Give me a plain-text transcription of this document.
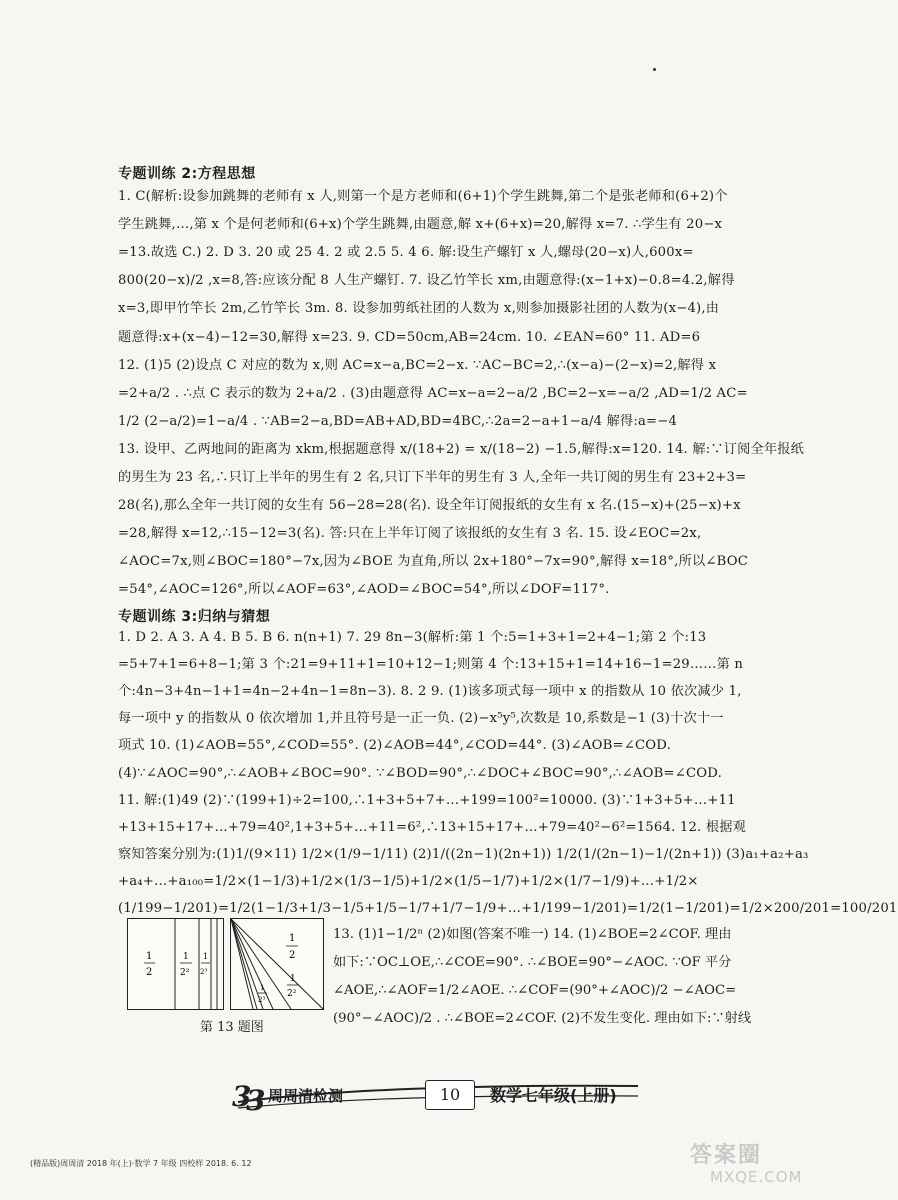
专题训练 2:方程思想
1. C(解析:设参加跳舞的老师有 x 人,则第一个是方老师和(6+1)个学生跳舞,第二个是张老师和(6+2)个
学生跳舞,…,第 x 个是何老师和(6+x)个学生跳舞,由题意,解 x+(6+x)=20,解得 x=7. ∴学生有 20−x
=13.故选 C.) 2. D 3. 20 或 25 4. 2 或 2.5 5. 4 6. 解:设生产螺钉 x 人,螺母(20−x)人,600x=
800(20−x)/2 ,x=8,答:应该分配 8 人生产螺钉. 7. 设乙竹竿长 xm,由题意得:(x−1+x)−0.8=4.2,解得
x=3,即甲竹竿长 2m,乙竹竿长 3m. 8. 设参加剪纸社团的人数为 x,则参加摄影社团的人数为(x−4),由
题意得:x+(x−4)−12=30,解得 x=23. 9. CD=50cm,AB=24cm. 10. ∠EAN=60° 11. AD=6
12. (1)5 (2)设点 C 对应的数为 x,则 AC=x−a,BC=2−x. ∵AC−BC=2,∴(x−a)−(2−x)=2,解得 x
=2+a/2 . ∴点 C 表示的数为 2+a/2 . (3)由题意得 AC=x−a=2−a/2 ,BC=2−x=−a/2 ,AD=1/2 AC=
1/2 (2−a/2)=1−a/4 . ∵AB=2−a,BD=AB+AD,BD=4BC,∴2a=2−a+1−a/4 解得:a=−4
13. 设甲、乙两地间的距离为 xkm,根据题意得 x/(18+2) = x/(18−2) −1.5,解得:x=120. 14. 解:∵订阅全年报纸
的男生为 23 名,∴只订上半年的男生有 2 名,只订下半年的男生有 3 人,全年一共订阅的男生有 23+2+3=
28(名),那么全年一共订阅的女生有 56−28=28(名). 设全年订阅报纸的女生有 x 名.(15−x)+(25−x)+x
=28,解得 x=12,∴15−12=3(名). 答:只在上半年订阅了该报纸的女生有 3 名. 15. 设∠EOC=2x,
∠AOC=7x,则∠BOC=180°−7x,因为∠BOE 为直角,所以 2x+180°−7x=90°,解得 x=18°,所以∠BOC
=54°,∠AOC=126°,所以∠AOF=63°,∠AOD=∠BOC=54°,所以∠DOF=117°.
专题训练 3:归纳与猜想
1. D 2. A 3. A 4. B 5. B 6. n(n+1) 7. 29 8n−3(解析:第 1 个:5=1+3+1=2+4−1;第 2 个:13
=5+7+1=6+8−1;第 3 个:21=9+11+1=10+12−1;则第 4 个:13+15+1=14+16−1=29……第 n
个:4n−3+4n−1+1=4n−2+4n−1=8n−3). 8. 2 9. (1)该多项式每一项中 x 的指数从 10 依次减少 1,
每一项中 y 的指数从 0 依次增加 1,并且符号是一正一负. (2)−x⁵y⁵,次数是 10,系数是−1 (3)十次十一
项式 10. (1)∠AOB=55°,∠COD=55°. (2)∠AOB=44°,∠COD=44°. (3)∠AOB=∠COD.
(4)∵∠AOC=90°,∴∠AOB+∠BOC=90°. ∵∠BOD=90°,∴∠DOC+∠BOC=90°,∴∠AOB=∠COD.
11. 解:(1)49 (2)∵(199+1)÷2=100,∴1+3+5+7+…+199=100²=10000. (3)∵1+3+5+…+11
+13+15+17+…+79=40²,1+3+5+…+11=6²,∴13+15+17+…+79=40²−6²=1564. 12. 根据观
察知答案分别为:(1)1/(9×11) 1/2×(1/9−1/11) (2)1/((2n−1)(2n+1)) 1/2(1/(2n−1)−1/(2n+1)) (3)a₁+a₂+a₃
+a₄+…+a₁₀₀=1/2×(1−1/3)+1/2×(1/3−1/5)+1/2×(1/5−1/7)+1/2×(1/7−1/9)+…+1/2×
(1/199−1/201)=1/2(1−1/3+1/3−1/5+1/5−1/7+1/7−1/9+…+1/199−1/201)=1/2(1−1/201)=1/2×200/201=100/201
1
2
1
2²
1
2³
1
2
1
2²
1
2³
第 13 题图
13. (1)1−1/2ⁿ (2)如图(答案不唯一) 14. (1)∠BOE=2∠COF. 理由
如下:∵OC⊥OE,∴∠COE=90°. ∴∠BOE=90°−∠AOC. ∵OF 平分
∠AOE,∴∠AOF=1/2∠AOE. ∴∠COF=(90°+∠AOC)/2 −∠AOC=
(90°−∠AOC)/2 . ∴∠BOE=2∠COF. (2)不发生变化. 理由如下:∵射线
3
3 周周清检测	10	数学七年级(上册)
(精品版)周周清 2018 年(上)·数学 7 年级 四校样 2018. 6. 12	答案圈
MXQE.COM
